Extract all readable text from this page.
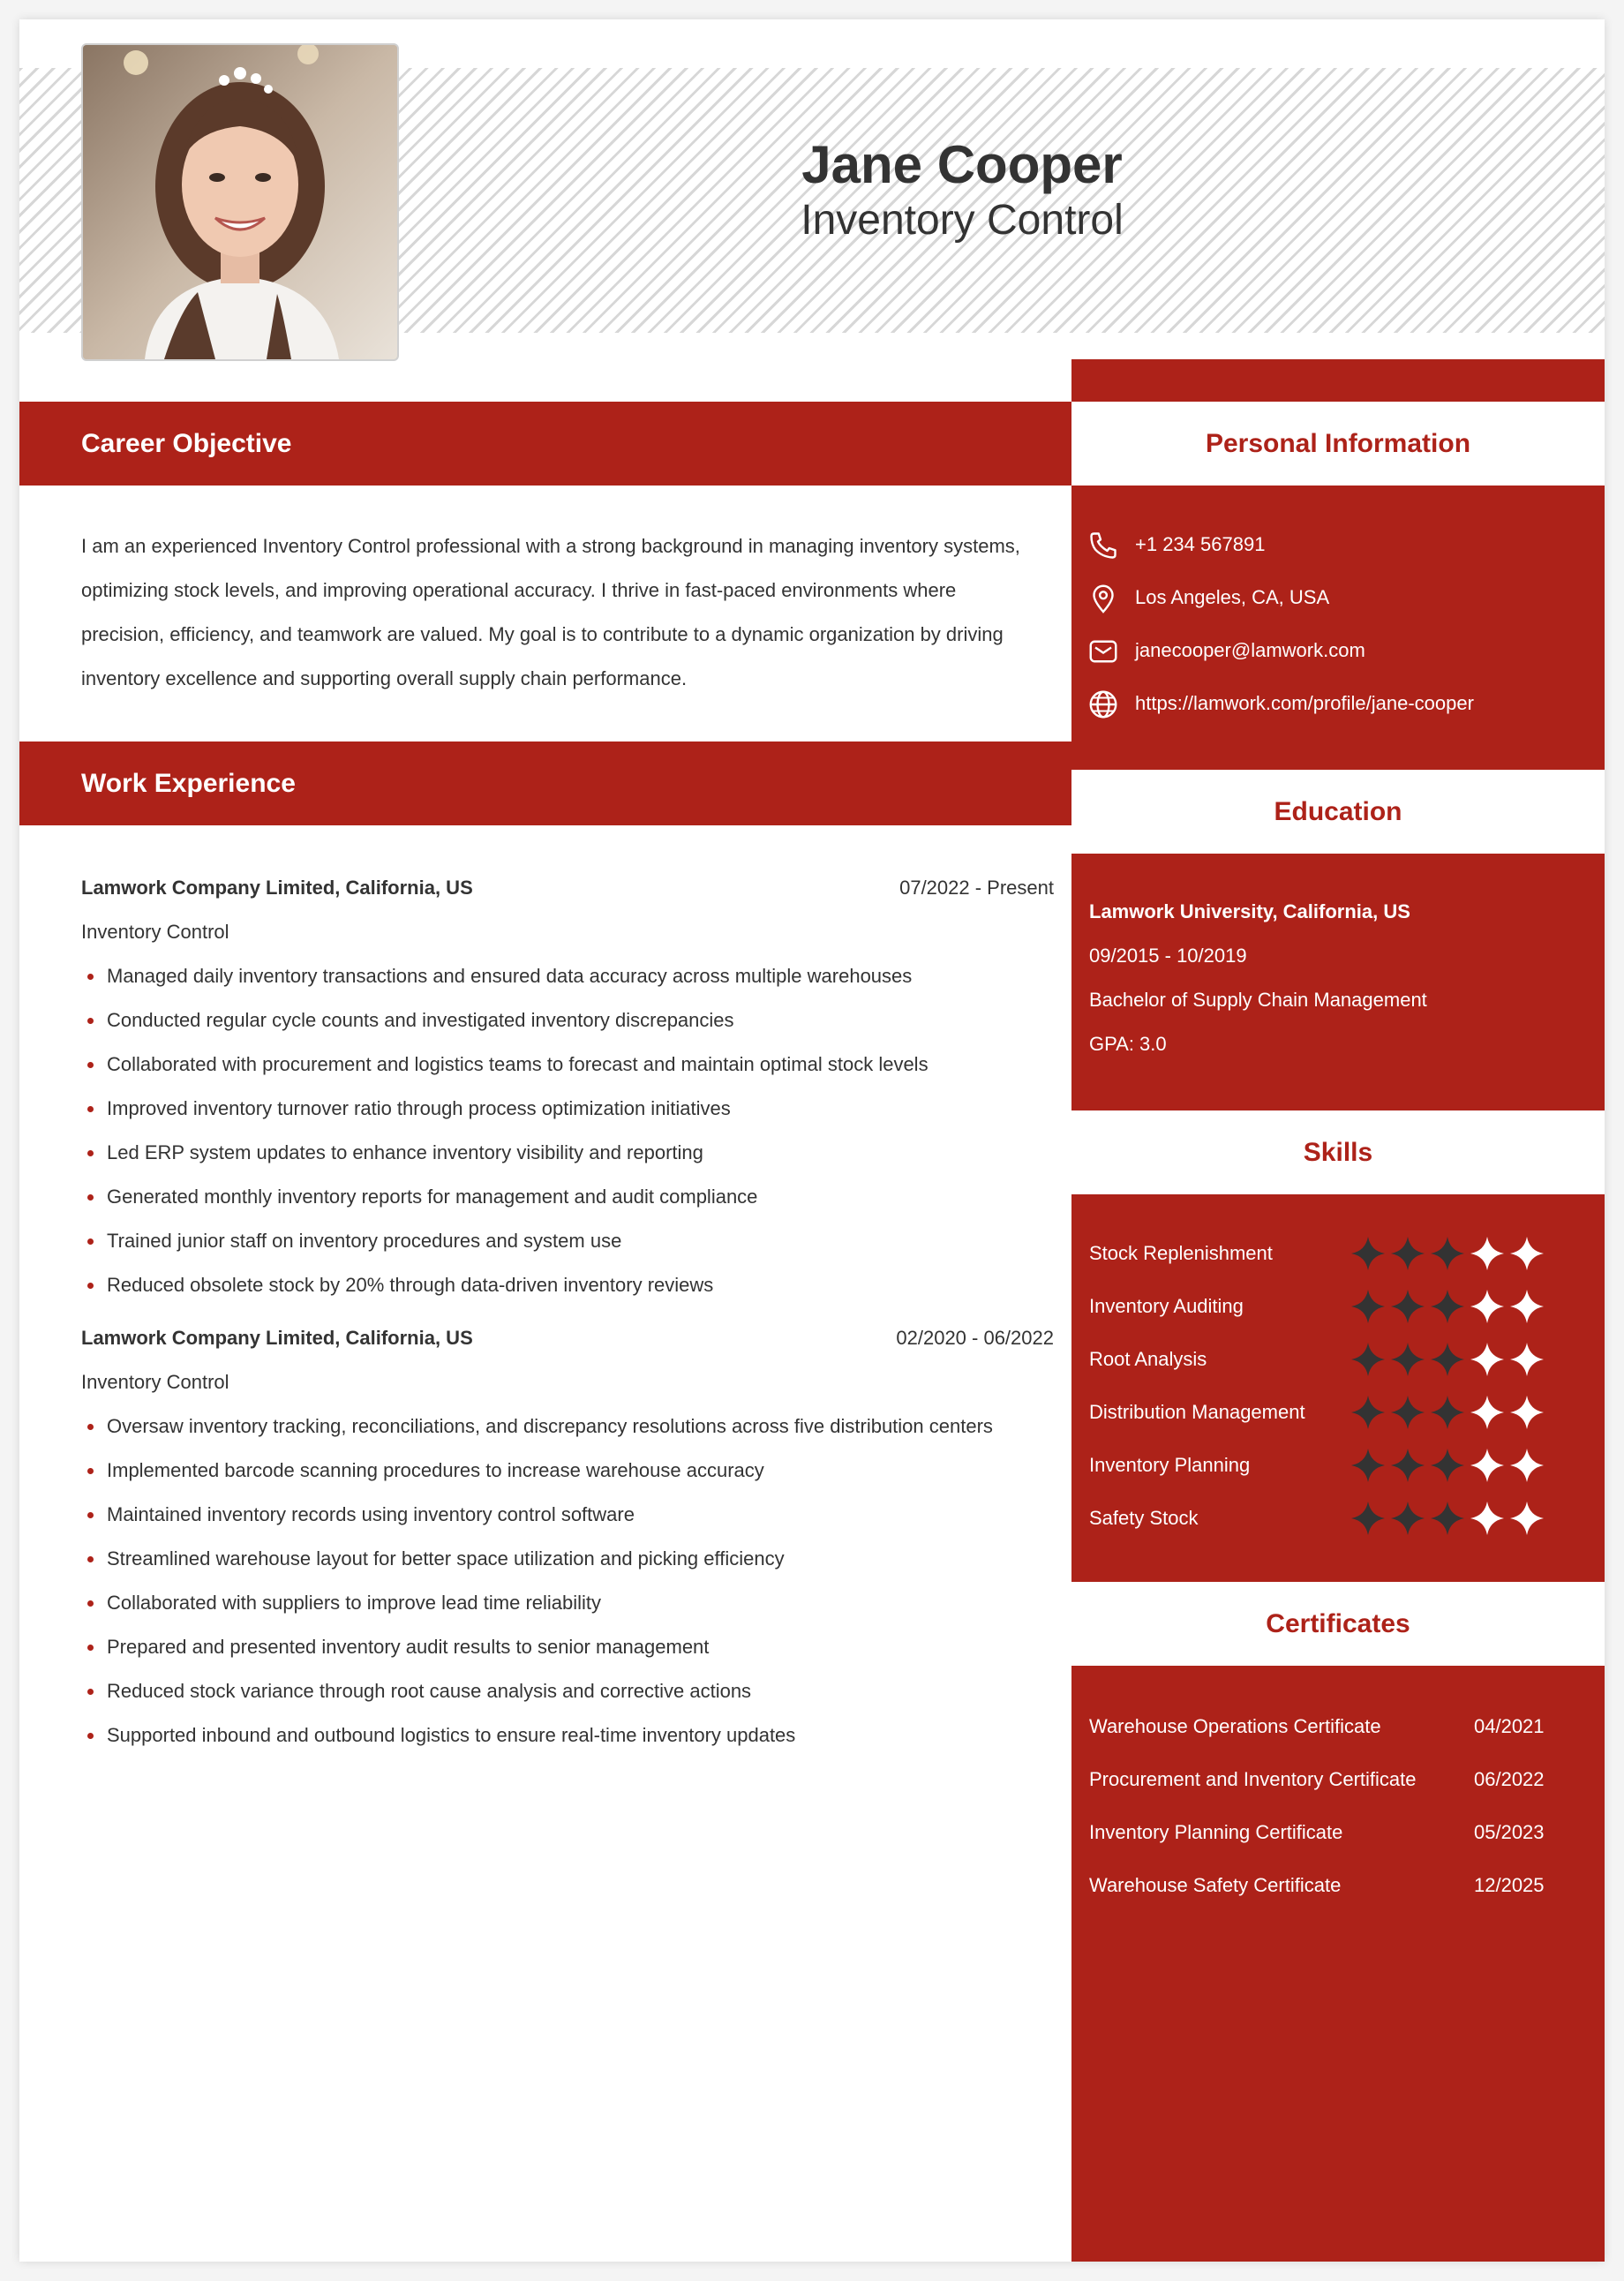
Jane Cooper
Inventory Control
Career Objective
I am an experienced Inventory Control professional with a strong background in managing inventory systems, optimizing stock levels, and improving operational accuracy. I thrive in fast-paced environments where precision, efficiency, and teamwork are valued. My goal is to contribute to a dynamic organization by driving inventory excellence and supporting overall supply chain performance.
Work Experience
Lamwork Company Limited, California, US	07/2022 - Present
Inventory Control
Managed daily inventory transactions and ensured data accuracy across multiple warehouses
Conducted regular cycle counts and investigated inventory discrepancies
Collaborated with procurement and logistics teams to forecast and maintain optimal stock levels
Improved inventory turnover ratio through process optimization initiatives
Led ERP system updates to enhance inventory visibility and reporting
Generated monthly inventory reports for management and audit compliance
Trained junior staff on inventory procedures and system use
Reduced obsolete stock by 20% through data-driven inventory reviews
Lamwork Company Limited, California, US	02/2020 - 06/2022
Inventory Control
Oversaw inventory tracking, reconciliations, and discrepancy resolutions across five distribution centers
Implemented barcode scanning procedures to increase warehouse accuracy
Maintained inventory records using inventory control software
Streamlined warehouse layout for better space utilization and picking efficiency
Collaborated with suppliers to improve lead time reliability
Prepared and presented inventory audit results to senior management
Reduced stock variance through root cause analysis and corrective actions
Supported inbound and outbound logistics to ensure real-time inventory updates
Personal Information
+1 234 567891
Los Angeles, CA, USA
janecooper@lamwork.com
https://lamwork.com/profile/jane-cooper
Education
Lamwork University, California, US
09/2015 - 10/2019
Bachelor of Supply Chain Management
GPA: 3.0
Skills
Stock Replenishment
Inventory Auditing
Root Analysis
Distribution Management
Inventory Planning
Safety Stock
Certificates
Warehouse Operations Certificate	04/2021
Procurement and Inventory Certificate	06/2022
Inventory Planning Certificate	05/2023
Warehouse Safety Certificate	12/2025
